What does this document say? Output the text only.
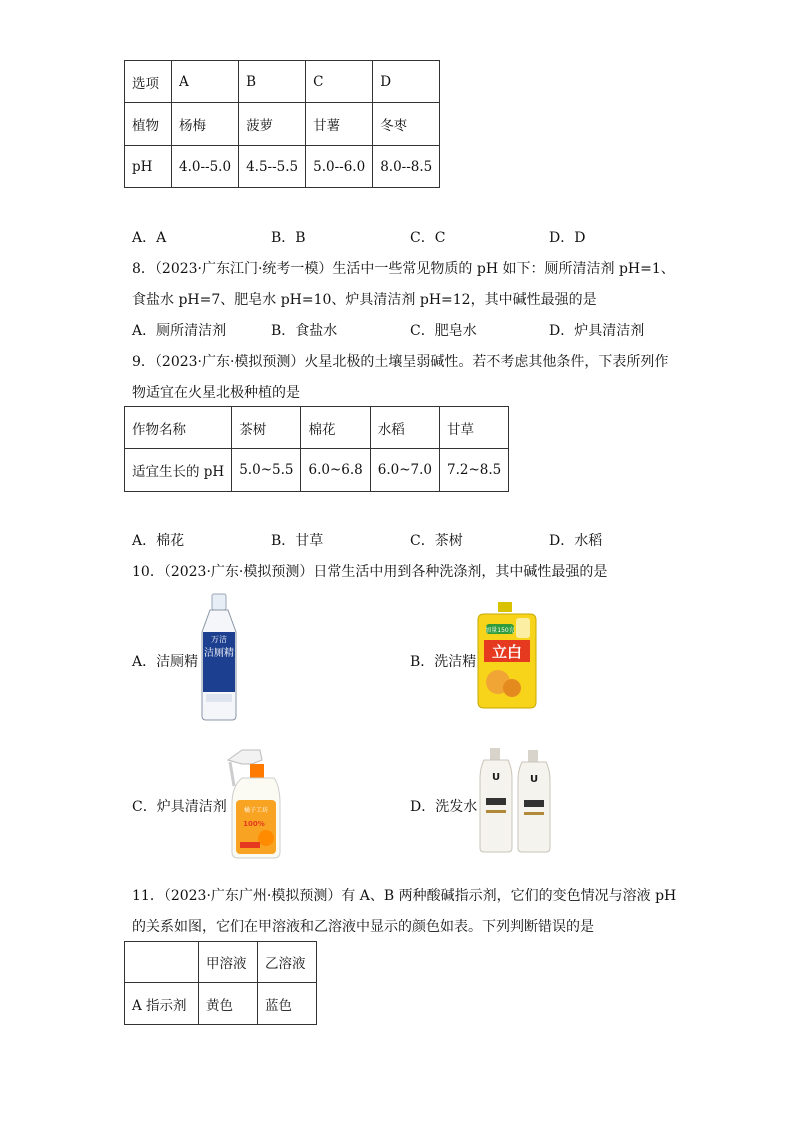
选项	A	B	C	D
植物	杨梅	菠萝	甘薯	冬枣
pH	4.0--5.0	4.5--5.5	5.0--6.0	8.0--8.5
A．A	B．B	C．C	D．D
8．（2023·广东江门·统考一模）生活中一些常见物质的 pH 如下：厕所清洁剂 pH=1、
食盐水 pH=7、肥皂水 pH=10、炉具清洁剂 pH=12，其中碱性最强的是
A．厕所清洁剂	B．食盐水	C．肥皂水	D．炉具清洁剂
9．（2023·广东·模拟预测）火星北极的土壤呈弱碱性。若不考虑其他条件，下表所列作
物适宜在火星北极种植的是
作物名称	茶树	棉花	水稻	甘草
适宜生长的 pH	5.0~5.5	6.0~6.8	6.0~7.0	7.2~8.5
A．棉花	B．甘草	C．茶树	D．水稻
10．（2023·广东·模拟预测）日常生活中用到各种洗涤剂，其中碱性最强的是
A．洁厕精
万洁
洁厕精
B．洗洁精
加量150克
立白
C．炉具清洁剂	橘子工坊
100%
D．洗发水
U	U
11．（2023·广东广州·模拟预测）有 A、B 两种酸碱指示剂，它们的变色情况与溶液 pH
的关系如图，它们在甲溶液和乙溶液中显示的颜色如表。下列判断错误的是
	甲溶液	乙溶液
A 指示剂	黄色	蓝色
